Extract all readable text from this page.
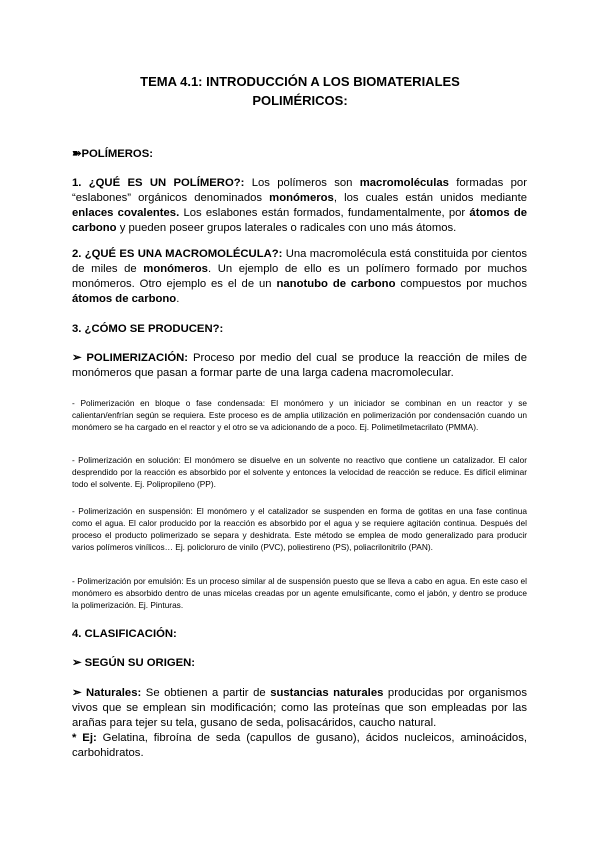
TEMA 4.1: INTRODUCCIÓN A LOS BIOMATERIALES
POLIMÉRICOS:

➽POLÍMEROS:

1. ¿QUÉ ES UN POLÍMERO?: Los polímeros son macromoléculas formadas por “eslabones” orgánicos denominados monómeros, los cuales están unidos mediante enlaces covalentes. Los eslabones están formados, fundamentalmente, por átomos de carbono y pueden poseer grupos laterales o radicales con uno más átomos.

2. ¿QUÉ ES UNA MACROMOLÉCULA?: Una macromolécula está constituida por cientos de miles de monómeros. Un ejemplo de ello es un polímero formado por muchos monómeros. Otro ejemplo es el de un nanotubo de carbono compuestos por muchos átomos de carbono.

3. ¿CÓMO SE PRODUCEN?:

➢ POLIMERIZACIÓN: Proceso por medio del cual se produce la reacción de miles de monómeros que pasan a formar parte de una larga cadena macromolecular.

- Polimerización en bloque o fase condensada: El monómero y un iniciador se combinan en un reactor y se calientan/enfrían según se requiera. Este proceso es de amplia utilización en polimerización por condensación cuando un monómero se ha cargado en el reactor y el otro se va adicionando de a poco. Ej. Polimetilmetacrilato (PMMA).

- Polimerización en solución: El monómero se disuelve en un solvente no reactivo que contiene un catalizador. El calor desprendido por la reacción es absorbido por el solvente y entonces la velocidad de reacción se reduce. Es difícil eliminar todo el solvente. Ej. Polipropileno (PP).

- Polimerización en suspensión: El monómero y el catalizador se suspenden en forma de gotitas en una fase continua como el agua. El calor producido por la reacción es absorbido por el agua y se requiere agitación continua. Después del proceso el producto polimerizado se separa y deshidrata. Este método se emplea de modo generalizado para producir varios polímeros vinílicos… Ej. policloruro de vinilo (PVC), poliestireno (PS), poliacrilonitrilo (PAN).

- Polimerización por emulsión: Es un proceso similar al de suspensión puesto que se lleva a cabo en agua. En este caso el monómero es absorbido dentro de unas micelas creadas por un agente emulsificante, como el jabón, y dentro se produce la polimerización. Ej. Pinturas.

4. CLASIFICACIÓN:

➢ SEGÚN SU ORIGEN:

➣ Naturales: Se obtienen a partir de sustancias naturales producidas por organismos vivos que se emplean sin modificación; como las proteínas que son empleadas por las arañas para tejer su tela, gusano de seda, polisacáridos, caucho natural.

* Ej: Gelatina, fibroína de seda (capullos de gusano), ácidos nucleicos, aminoácidos, carbohidratos.
